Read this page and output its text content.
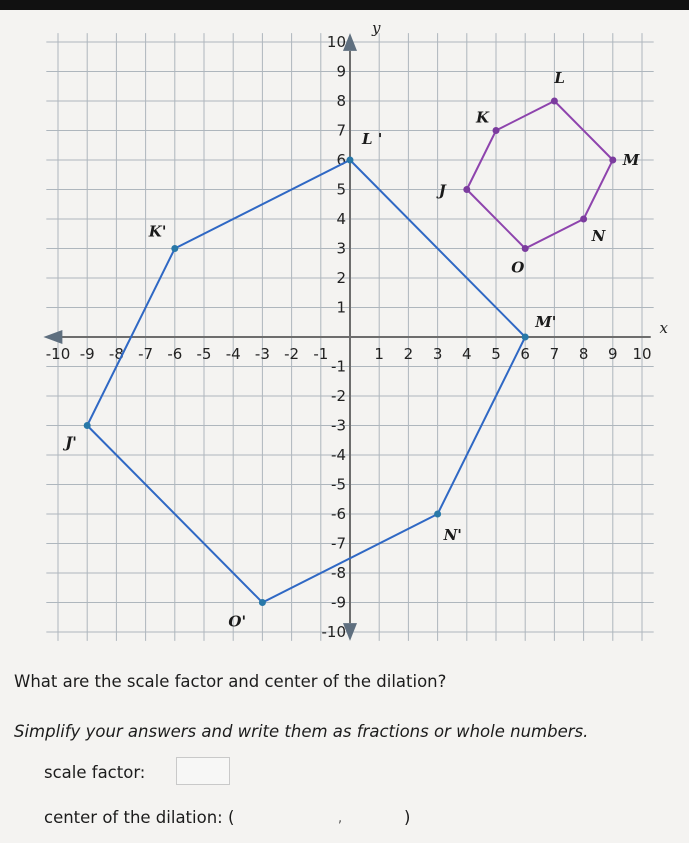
x
y
-10 -9 -8 -7 -6 -5 -4 -3 -2 -1	1 2 3 4 5 6 7 8 9 10
10
9
8
7
6
5
4
3
2
1
-1
-2
-3
-4
-5
-6
-7
-8
-9
-10
J
K
L
M
N
O
J'
K'
L '
M'
N'
O'
What are the scale factor and center of the dilation?
Simplify your answers and write them as fractions or whole numbers.
scale factor:
center of the dilation: (	,	)
